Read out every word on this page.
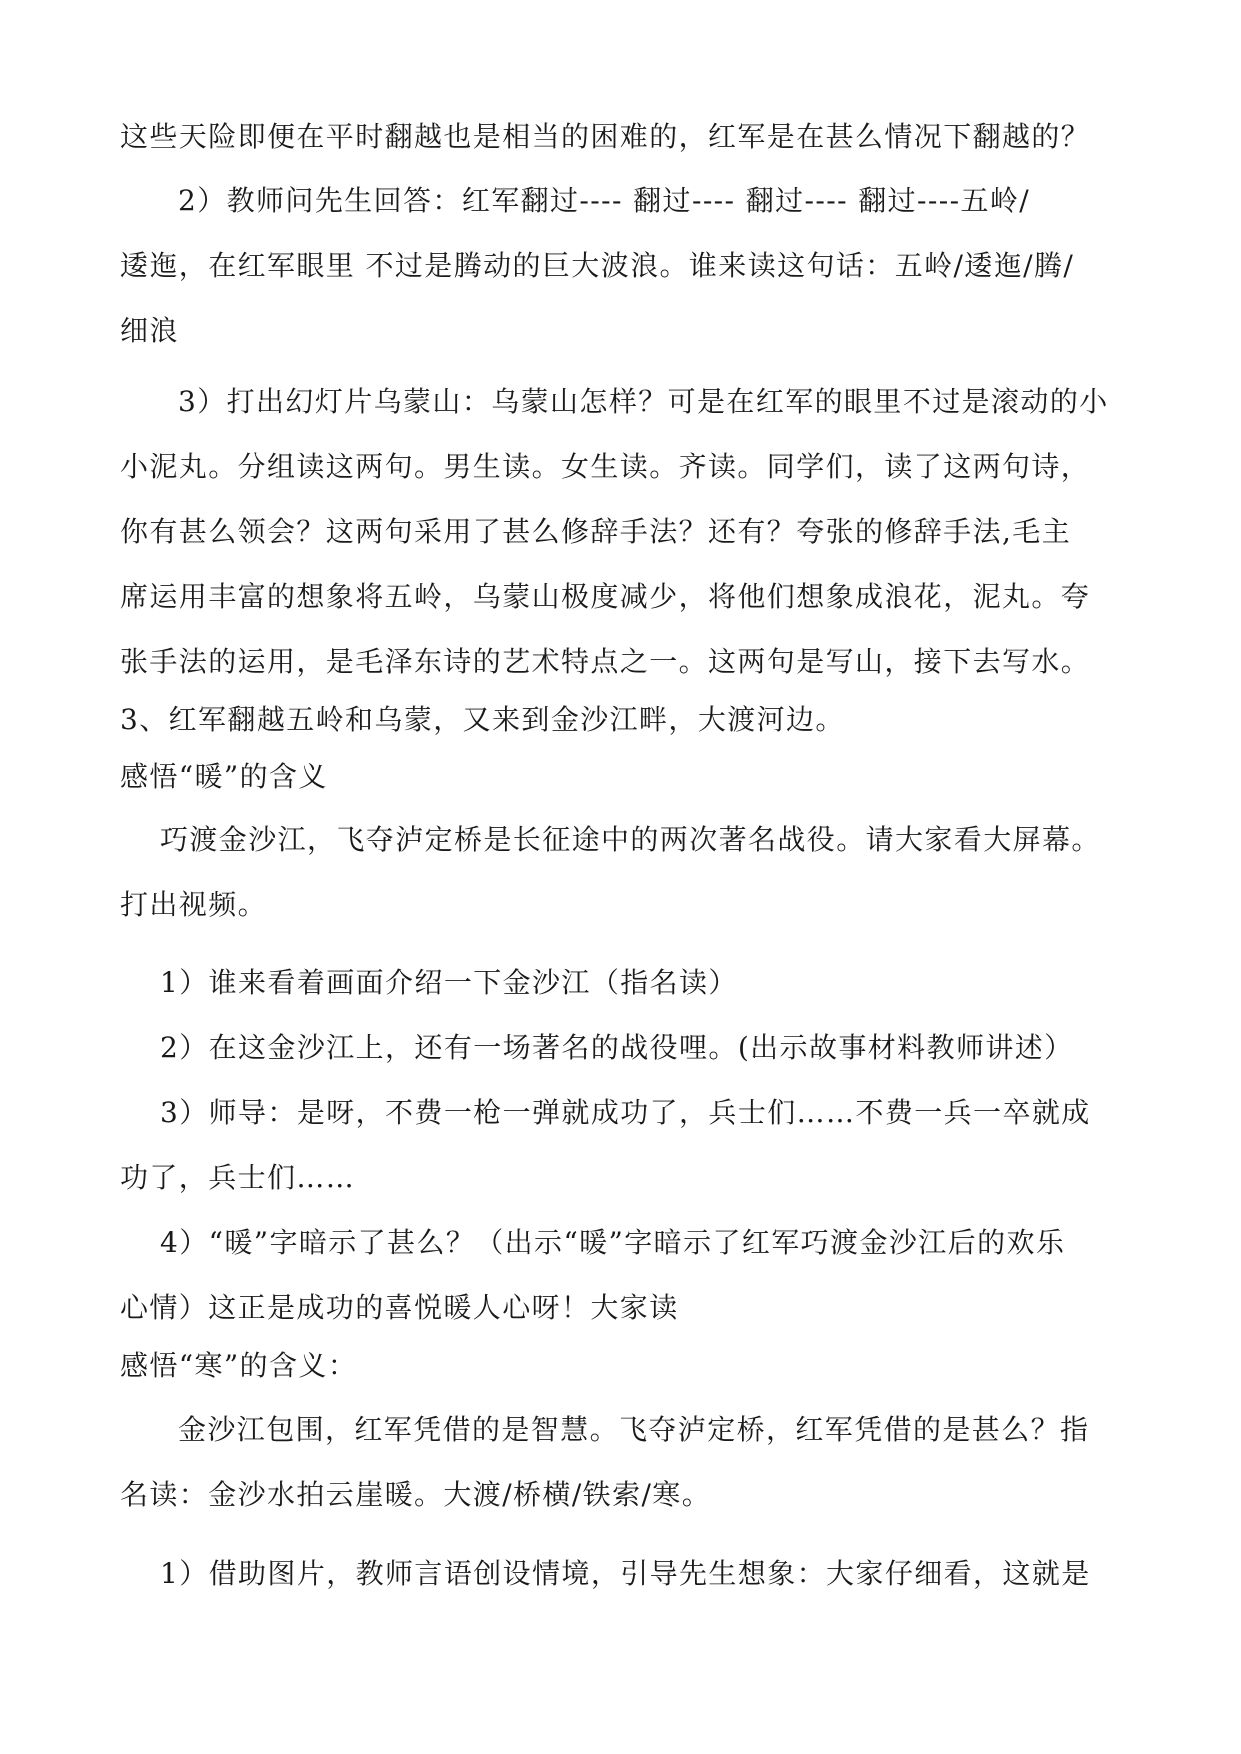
这些天险即便在平时翻越也是相当的困难的，红军是在甚么情况下翻越的？
2）教师问先生回答：红军翻过---- 翻过---- 翻过---- 翻过----五岭/
逶迤，在红军眼里 不过是腾动的巨大波浪。谁来读这句话：五岭/逶迤/腾/
细浪
3）打出幻灯片乌蒙山：乌蒙山怎样？可是在红军的眼里不过是滚动的小
小泥丸。分组读这两句。男生读。女生读。齐读。同学们，读了这两句诗，
你有甚么领会？这两句采用了甚么修辞手法？还有？夸张的修辞手法,毛主
席运用丰富的想象将五岭，乌蒙山极度减少，将他们想象成浪花，泥丸。夸
张手法的运用，是毛泽东诗的艺术特点之一。这两句是写山，接下去写水。
3、红军翻越五岭和乌蒙，又来到金沙江畔，大渡河边。
感悟“暖”的含义
巧渡金沙江，飞夺泸定桥是长征途中的两次著名战役。请大家看大屏幕。
打出视频。
1）谁来看着画面介绍一下金沙江（指名读）
2）在这金沙江上，还有一场著名的战役哩。(出示故事材料教师讲述）
3）师导：是呀，不费一枪一弹就成功了，兵士们……不费一兵一卒就成
功了，兵士们……
4）“暖”字暗示了甚么？（出示“暖”字暗示了红军巧渡金沙江后的欢乐
心情）这正是成功的喜悦暖人心呀！大家读
感悟“寒”的含义：
金沙江包围，红军凭借的是智慧。飞夺泸定桥，红军凭借的是甚么？指
名读：金沙水拍云崖暖。大渡/桥横/铁索/寒。
1）借助图片，教师言语创设情境，引导先生想象：大家仔细看，这就是
